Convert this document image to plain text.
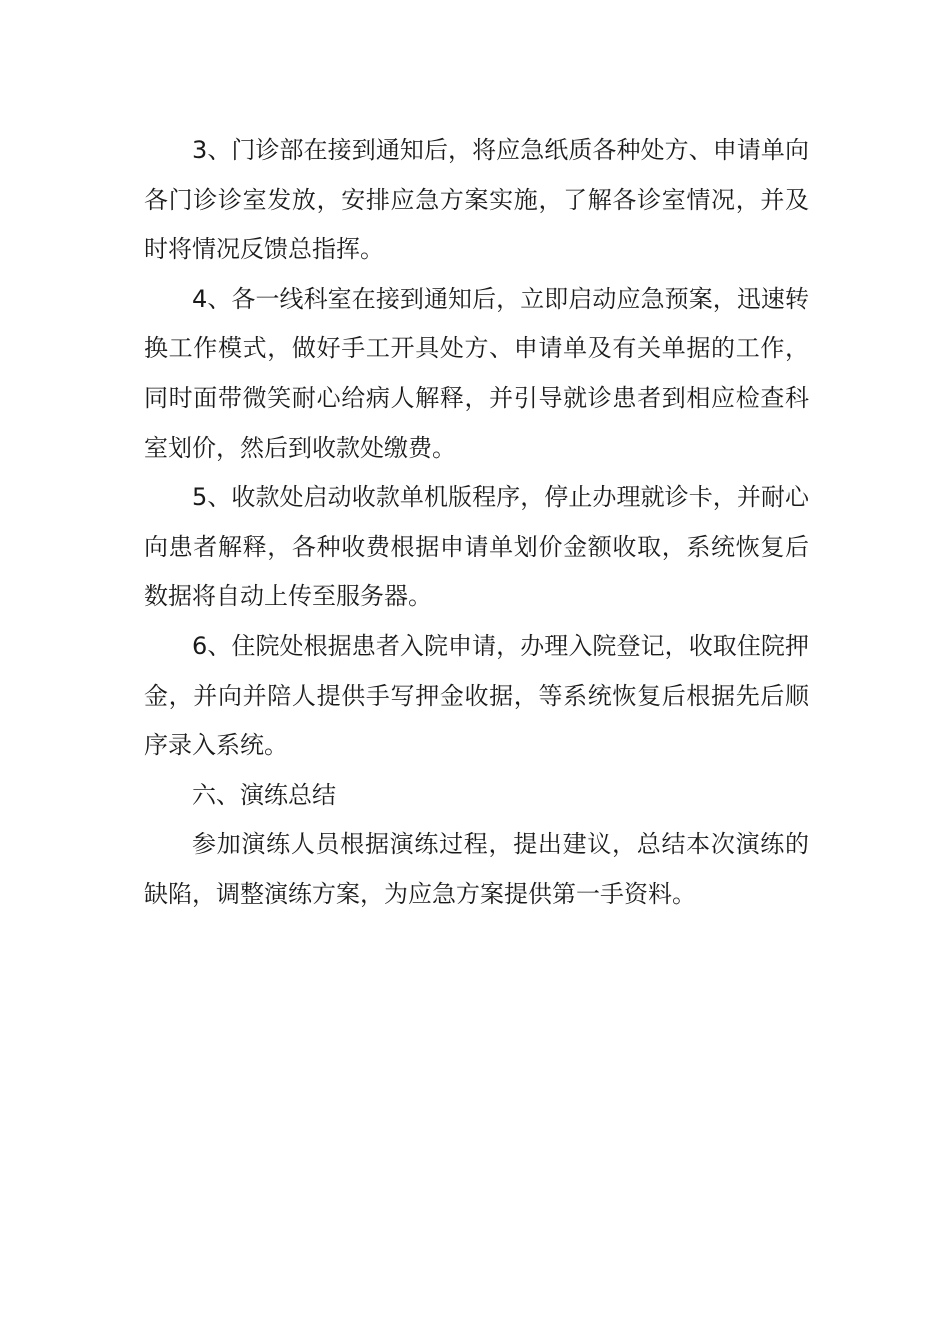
3、门诊部在接到通知后，将应急纸质各种处方、申请单向各门诊诊室发放，安排应急方案实施，了解各诊室情况，并及时将情况反馈总指挥。

4、各一线科室在接到通知后，立即启动应急预案，迅速转换工作模式，做好手工开具处方、申请单及有关单据的工作，同时面带微笑耐心给病人解释，并引导就诊患者到相应检查科室划价，然后到收款处缴费。

5、收款处启动收款单机版程序，停止办理就诊卡，并耐心向患者解释，各种收费根据申请单划价金额收取，系统恢复后数据将自动上传至服务器。

6、住院处根据患者入院申请，办理入院登记，收取住院押金，并向并陪人提供手写押金收据，等系统恢复后根据先后顺序录入系统。

六、演练总结

参加演练人员根据演练过程，提出建议，总结本次演练的缺陷，调整演练方案，为应急方案提供第一手资料。
